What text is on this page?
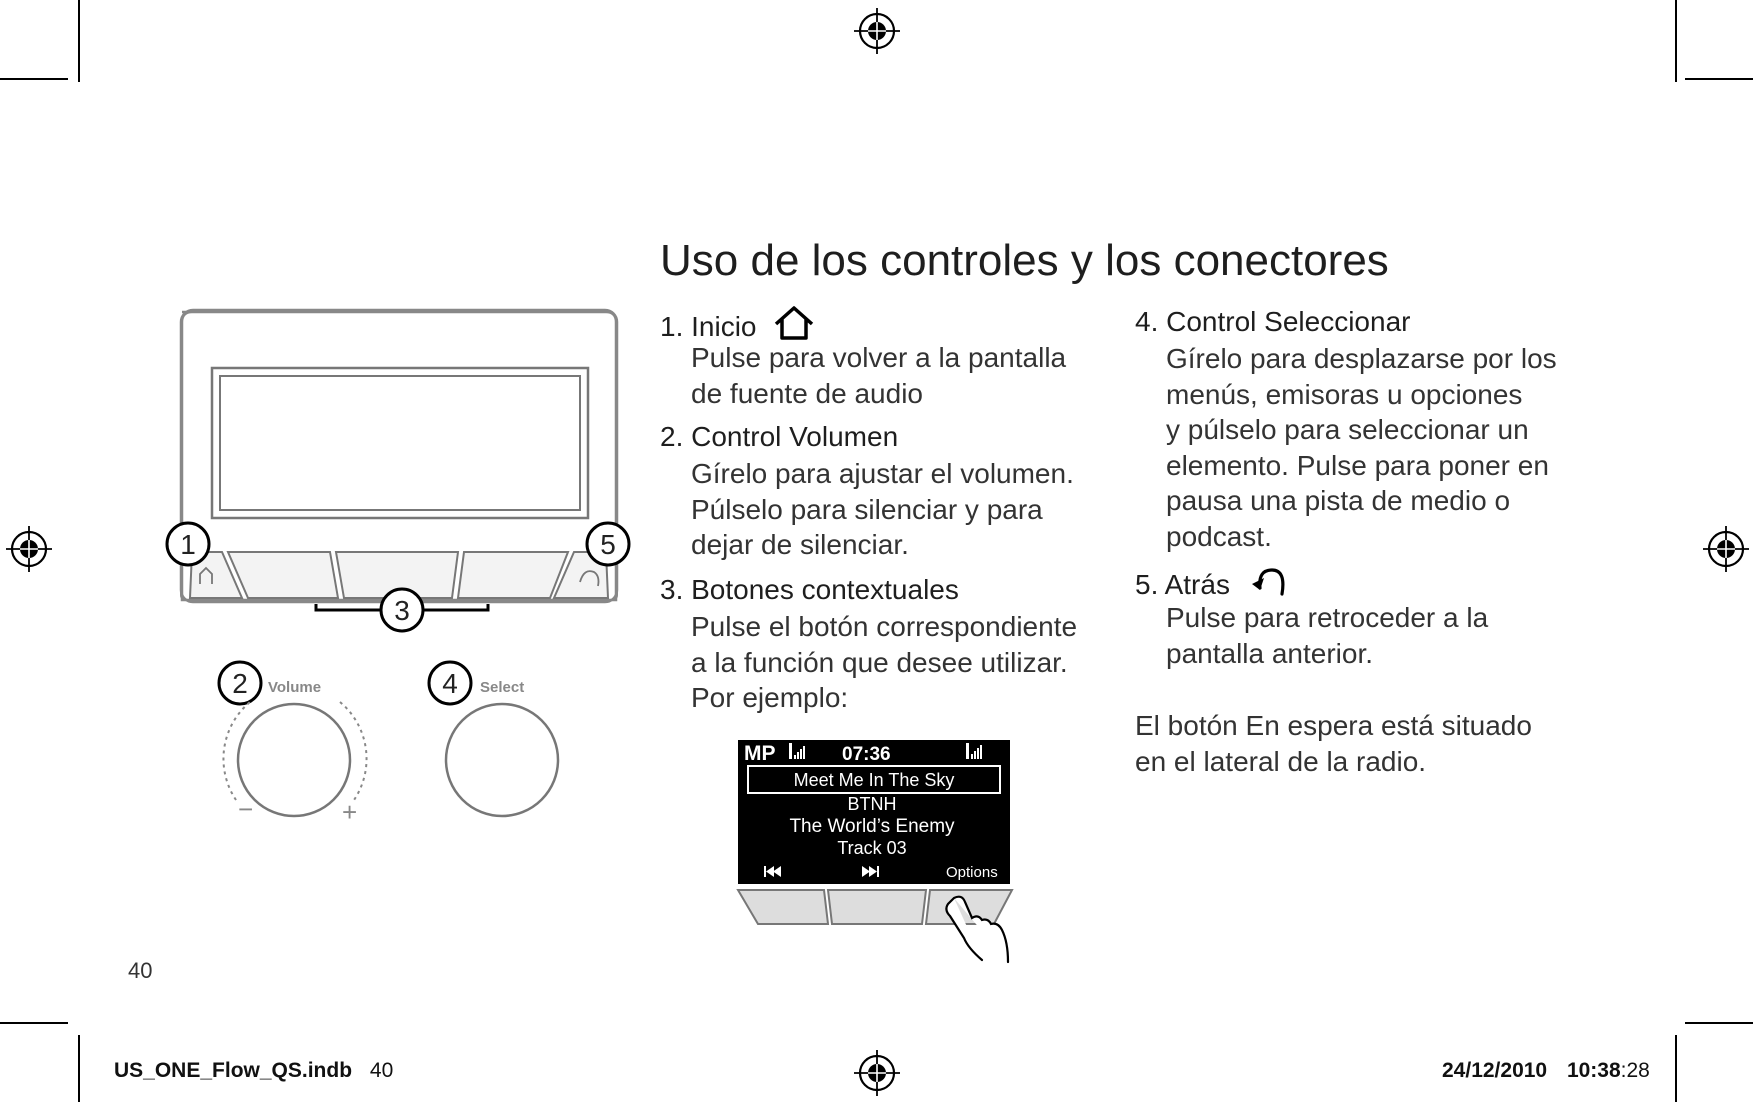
1	5
3
2	4
Volume	Select
−	+
Uso de los controles y los conectores
1. Inicio
Pulse para volver a la pantalla
de fuente de audio
2. Control Volumen
Gírelo para ajustar el volumen.
Púlselo para silenciar y para
dejar de silenciar.
3. Botones contextuales
Pulse el botón correspondiente
a la función que desee utilizar.
Por ejemplo:
MP	07:36
Meet Me In The Sky
BTNH
The World’s Enemy
Track 03
Options
4. Control Seleccionar
Gírelo para desplazarse por los
menús, emisoras u opciones
y púlselo para seleccionar un
elemento. Pulse para poner en
pausa una pista de medio o
podcast.
5. Atrás
Pulse para retroceder a la
pantalla anterior.
El botón En espera está situado
en el lateral de la radio.
40
US_ONE_Flow_QS.indb 40	24/12/2010 10:38:28
